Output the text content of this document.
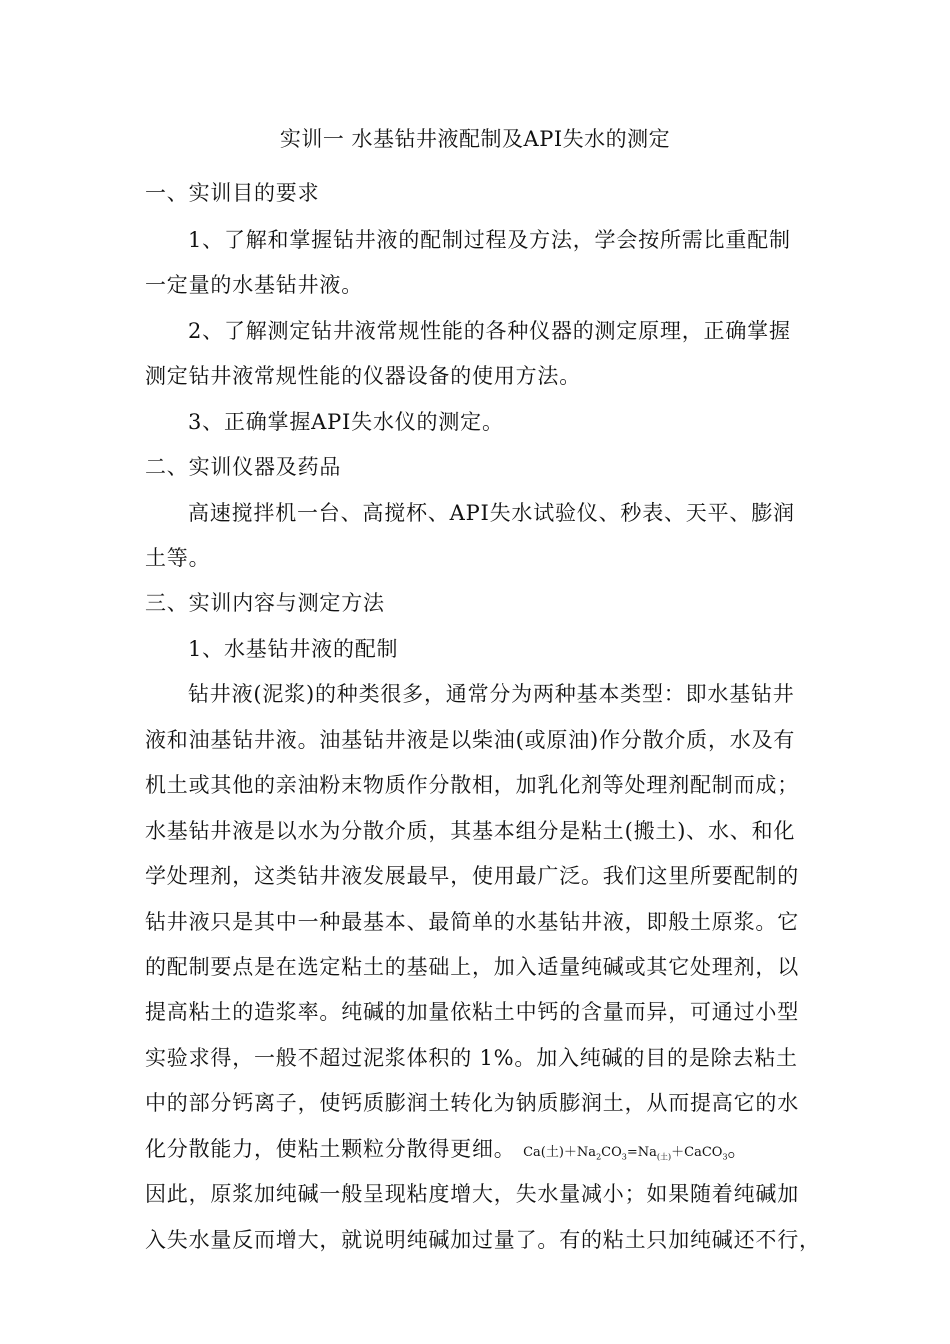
实训一 水基钻井液配制及API失水的测定
一、实训目的要求
1、了解和掌握钻井液的配制过程及方法，学会按所需比重配制
一定量的水基钻井液。
2、了解测定钻井液常规性能的各种仪器的测定原理，正确掌握
测定钻井液常规性能的仪器设备的使用方法。
3、正确掌握API失水仪的测定。
二、实训仪器及药品
高速搅拌机一台、高搅杯、API失水试验仪、秒表、天平、膨润
土等。
三、实训内容与测定方法
1、水基钻井液的配制
钻井液(泥浆)的种类很多，通常分为两种基本类型：即水基钻井
液和油基钻井液。油基钻井液是以柴油(或原油)作分散介质，水及有
机土或其他的亲油粉末物质作分散相，加乳化剂等处理剂配制而成；
水基钻井液是以水为分散介质，其基本组分是粘土(搬土)、水、和化
学处理剂，这类钻井液发展最早，使用最广泛。我们这里所要配制的
钻井液只是其中一种最基本、最简单的水基钻井液，即般土原浆。它
的配制要点是在选定粘土的基础上，加入适量纯碱或其它处理剂，以
提高粘土的造浆率。纯碱的加量依粘土中钙的含量而异，可通过小型
实验求得，一般不超过泥浆体积的 1%。加入纯碱的目的是除去粘土
中的部分钙离子，使钙质膨润土转化为钠质膨润土，从而提高它的水
化分散能力，使粘土颗粒分散得更细。 Ca(土)$+Na_2CO_3=Na_{(土)}+CaCO_3$。
因此，原浆加纯碱一般呈现粘度增大，失水量减小；如果随着纯碱加
入失水量反而增大，就说明纯碱加过量了。有的粘土只加纯碱还不行，
